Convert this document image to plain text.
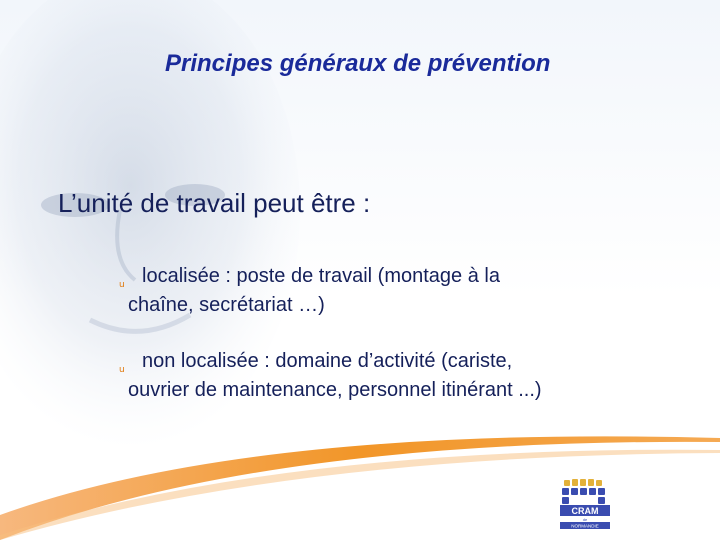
Principes généraux de prévention
L’unité de travail peut être :
u localisée : poste de travail (montage à la
chaîne, secrétariat …)
u non localisée : domaine d’activité (cariste,
ouvrier de maintenance, personnel itinérant ...)
CRAM
de
NORMANDIE
